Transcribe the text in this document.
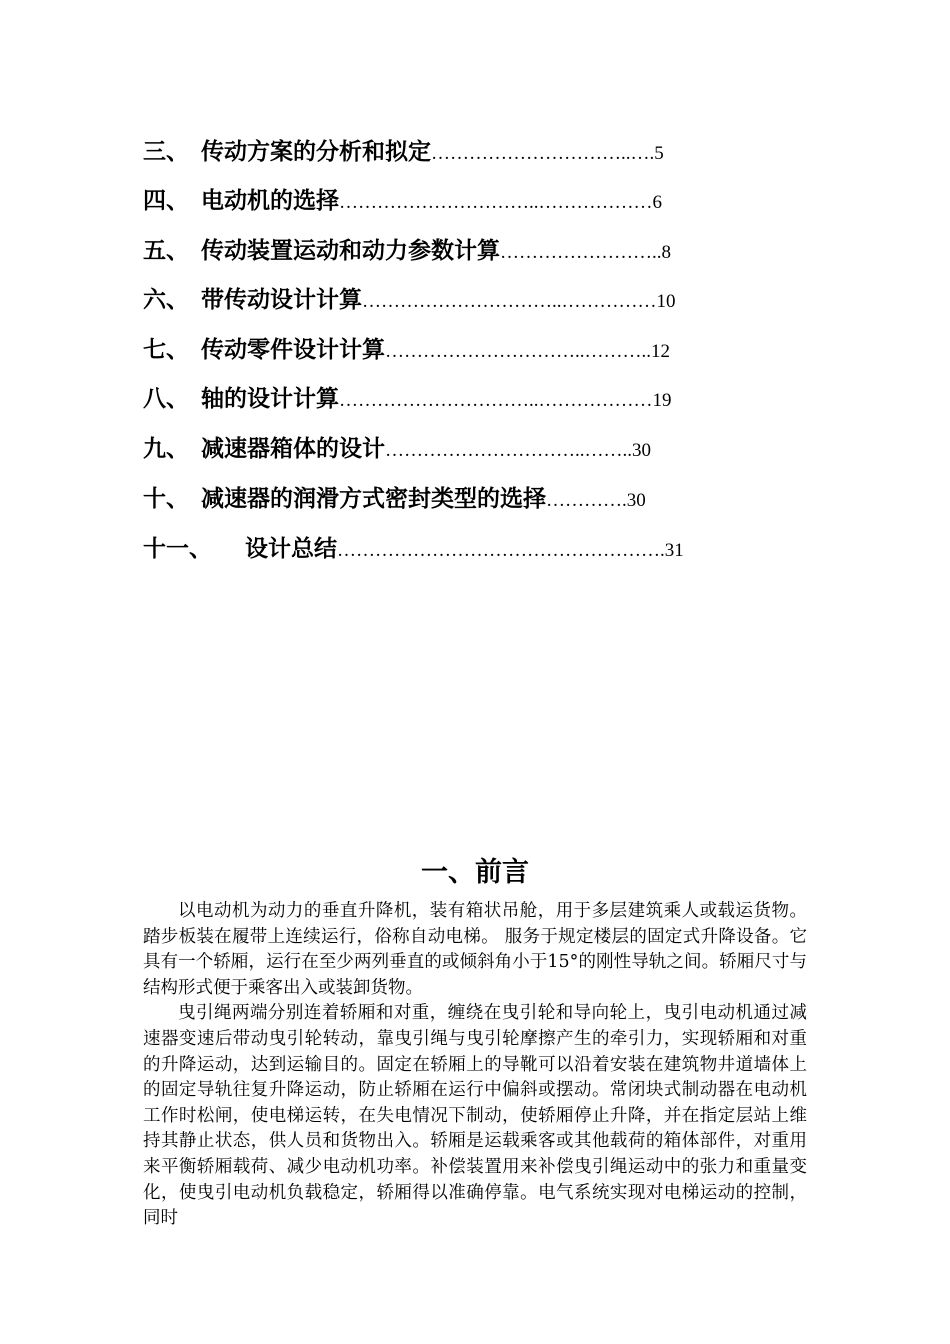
三、 传动方案的分析和拟定…………………………..….5
四、 电动机的选择…………………………..………………6
五、 传动装置运动和动力参数计算……………………..8
六、 带传动设计计算…………………………..……………10
七、 传动零件设计计算…………………………..………..12
八、 轴的设计计算…………………………..………………19
九、 减速器箱体的设计…………………………..……..30
十、 减速器的润滑方式密封类型的选择………….30
十一、 设计总结…………………………………………….31
一、前言

以电动机为动力的垂直升降机，装有箱状吊舱，用于多层建筑乘人或载运货物。踏步板装在履带上连续运行，俗称自动电梯。 服务于规定楼层的固定式升降设备。它具有一个轿厢，运行在至少两列垂直的或倾斜角小于15°的刚性导轨之间。轿厢尺寸与结构形式便于乘客出入或装卸货物。

曳引绳两端分别连着轿厢和对重，缠绕在曳引轮和导向轮上，曳引电动机通过减速器变速后带动曳引轮转动，靠曳引绳与曳引轮摩擦产生的牵引力，实现轿厢和对重的升降运动，达到运输目的。固定在轿厢上的导靴可以沿着安装在建筑物井道墙体上的固定导轨往复升降运动，防止轿厢在运行中偏斜或摆动。常闭块式制动器在电动机工作时松闸，使电梯运转，在失电情况下制动，使轿厢停止升降，并在指定层站上维持其静止状态，供人员和货物出入。轿厢是运载乘客或其他载荷的箱体部件，对重用来平衡轿厢载荷、减少电动机功率。补偿装置用来补偿曳引绳运动中的张力和重量变化，使曳引电动机负载稳定，轿厢得以准确停靠。电气系统实现对电梯运动的控制，同时
